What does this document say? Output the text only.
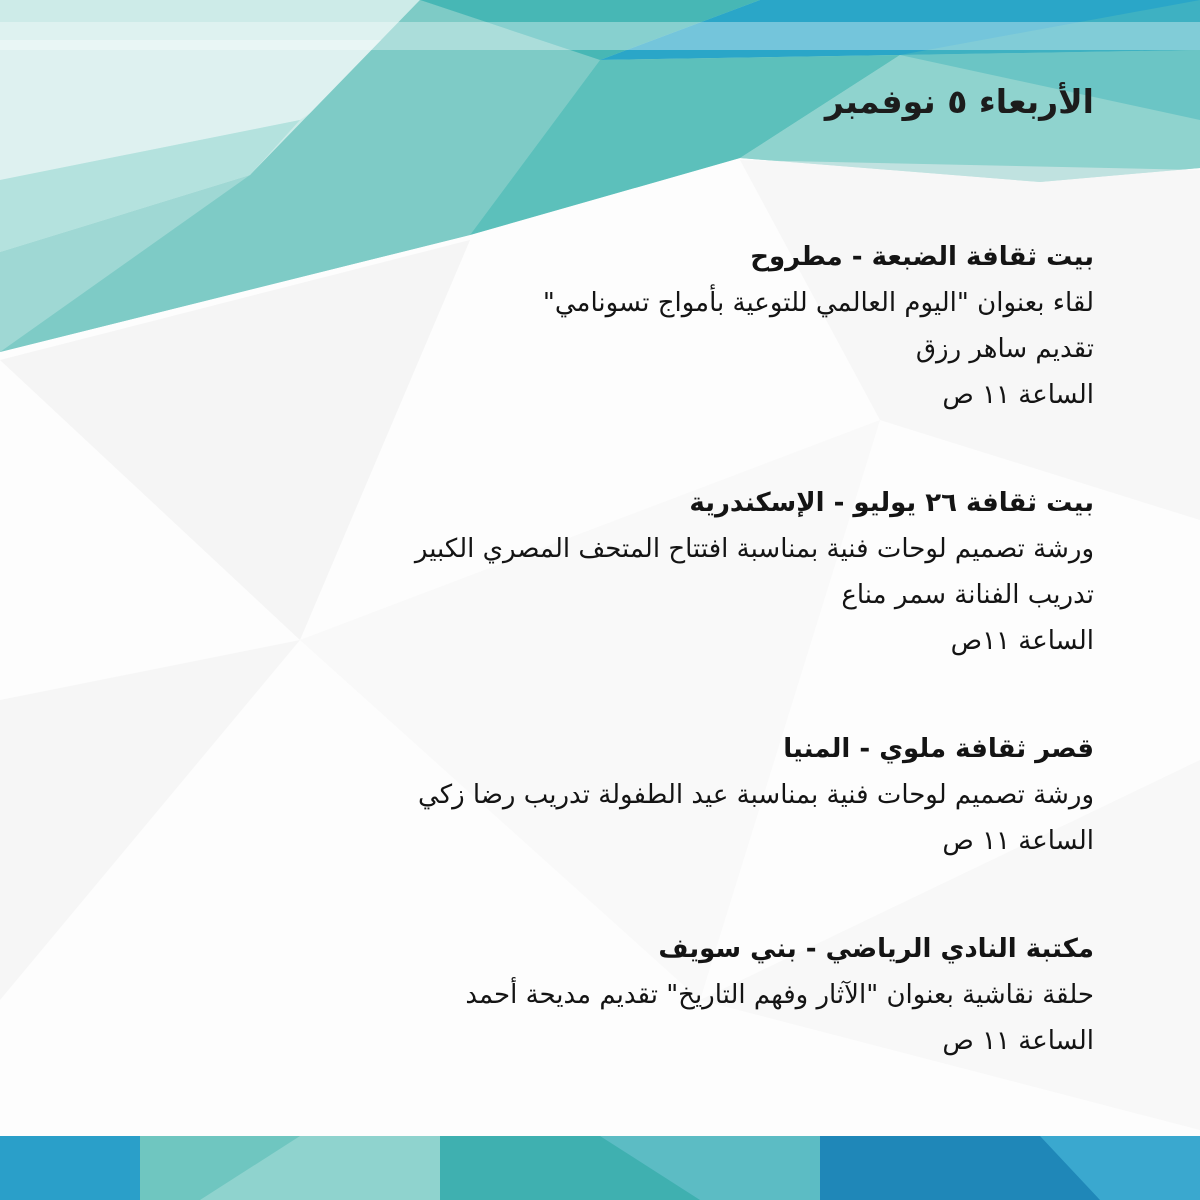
الأربعاء ٥ نوفمبر

بيت ثقافة الضبعة - مطروح

لقاء بعنوان "اليوم العالمي للتوعية بأمواج تسونامي"

تقديم ساهر رزق

الساعة ١١ ص

بيت ثقافة ٢٦ يوليو - الإسكندرية

ورشة تصميم لوحات فنية بمناسبة افتتاح المتحف المصري الكبير

تدريب الفنانة سمر مناع

الساعة ١١ص

قصر ثقافة ملوي - المنيا

ورشة تصميم لوحات فنية بمناسبة عيد الطفولة تدريب رضا زكي

الساعة ١١ ص

مكتبة النادي الرياضي - بني سويف

حلقة نقاشية بعنوان "الآثار وفهم التاريخ" تقديم مديحة أحمد

الساعة ١١ ص
